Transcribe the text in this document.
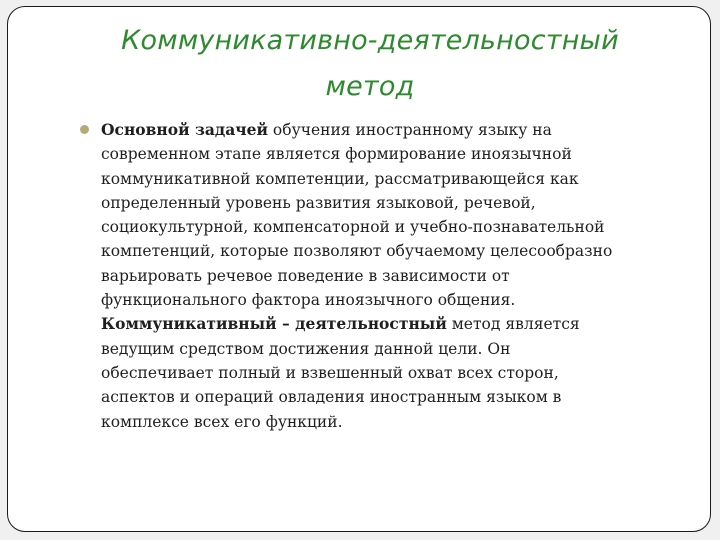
Коммуникативно-деятельностный
метод
Основной задачей обучения иностранному языку на
современном этапе является формирование иноязычной
коммуникативной компетенции, рассматривающейся как
определенный уровень развития языковой, речевой,
социокультурной, компенсаторной и учебно-познавательной
компетенций, которые позволяют обучаемому целесообразно
варьировать речевое поведение в зависимости от
функционального фактора иноязычного общения.
Коммуникативный – деятельностный метод является
ведущим средством достижения данной цели. Он
обеспечивает полный и взвешенный охват всех сторон,
аспектов и операций овладения иностранным языком в
комплексе всех его функций.
